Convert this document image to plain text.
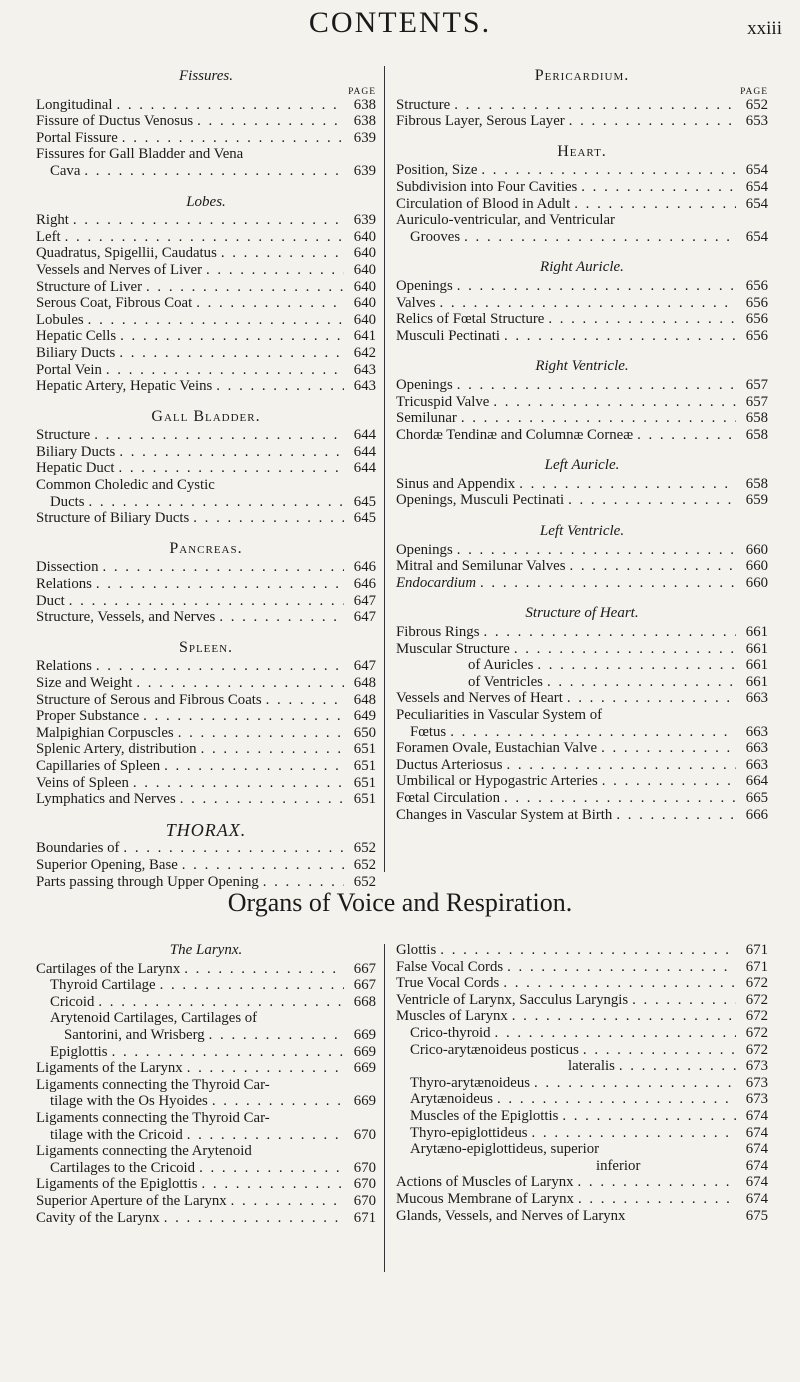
CONTENTS.	xxiii
Fissures.
PAGE
Longitudinal . . .	638
Fissure of Ductus Venosus . . .	638
Portal Fissure . . .	639
Fissures for Gall Bladder and Vena
Cava . . .	639
Lobes.
Right . . .	639
Left . . .	640
Quadratus, Spigellii, Caudatus . . .	640
Vessels and Nerves of Liver . . .	640
Structure of Liver . . .	640
Serous Coat, Fibrous Coat . . .	640
Lobules . . .	640
Hepatic Cells . . .	641
Biliary Ducts . . .	642
Portal Vein . . .	643
Hepatic Artery, Hepatic Veins . . .	643
Gall Bladder.
Structure . . .	644
Biliary Ducts . . .	644
Hepatic Duct . . .	644
Common Choledic and Cystic
Ducts . . .	645
Structure of Biliary Ducts . . .	645
Pancreas.
Dissection . . .	646
Relations . . .	646
Duct . . .	647
Structure, Vessels, and Nerves . . .	647
Spleen.
Relations . . .	647
Size and Weight . . .	648
Structure of Serous and Fibrous Coats . . .	648
Proper Substance . . .	649
Malpighian Corpuscles . . .	650
Splenic Artery, distribution . . .	651
Capillaries of Spleen . . .	651
Veins of Spleen . . .	651
Lymphatics and Nerves . . .	651
THORAX.
Boundaries of . . .	652
Superior Opening, Base . . .	652
Parts passing through Upper Opening . . .	652
Pericardium.
PAGE
Structure . . .	652
Fibrous Layer, Serous Layer . . .	653
Heart.
Position, Size . . .	654
Subdivision into Four Cavities . . .	654
Circulation of Blood in Adult . . .	654
Auriculo-ventricular, and Ventricular
Grooves . . .	654
Right Auricle.
Openings . . .	656
Valves . . .	656
Relics of Fœtal Structure . . .	656
Musculi Pectinati . . .	656
Right Ventricle.
Openings . . .	657
Tricuspid Valve . . .	657
Semilunar . . .	658
Chordæ Tendinæ and Columnæ Corneæ . . .	658
Left Auricle.
Sinus and Appendix . . .	658
Openings, Musculi Pectinati . . .	659
Left Ventricle.
Openings . . .	660
Mitral and Semilunar Valves . . .	660
Endocardium . . .	660
Structure of Heart.
Fibrous Rings . . .	661
Muscular Structure . . .	661
of Auricles . . .	661
of Ventricles . . .	661
Vessels and Nerves of Heart . . .	663
Peculiarities in Vascular System of
Fœtus . . .	663
Foramen Ovale, Eustachian Valve . . .	663
Ductus Arteriosus . . .	663
Umbilical or Hypogastric Arteries . . .	664
Fœtal Circulation . . .	665
Changes in Vascular System at Birth . . .	666
Organs of Voice and Respiration.
The Larynx.
Cartilages of the Larynx . . .	667
Thyroid Cartilage . . .	667
Cricoid . . .	668
Arytenoid Cartilages, Cartilages of
Santorini, and Wrisberg . . .	669
Epiglottis . . .	669
Ligaments of the Larynx . . .	669
Ligaments connecting the Thyroid Car-
tilage with the Os Hyoides . . .	669
Ligaments connecting the Thyroid Car-
tilage with the Cricoid . . .	670
Ligaments connecting the Arytenoid
Cartilages to the Cricoid . . .	670
Ligaments of the Epiglottis . . .	670
Superior Aperture of the Larynx . . .	670
Cavity of the Larynx . . .	671
Glottis . . .	671
False Vocal Cords . . .	671
True Vocal Cords . . .	672
Ventricle of Larynx, Sacculus Laryngis . . .	672
Muscles of Larynx . . .	672
Crico-thyroid . . .	672
Crico-arytænoideus posticus . . .	672
lateralis . . .	673
Thyro-arytænoideus . . .	673
Arytænoideus . . .	673
Muscles of the Epiglottis . . .	674
Thyro-epiglottideus . . .	674
Arytæno-epiglottideus, superior	674
inferior	674
Actions of Muscles of Larynx . . .	674
Mucous Membrane of Larynx . . .	674
Glands, Vessels, and Nerves of Larynx	675
